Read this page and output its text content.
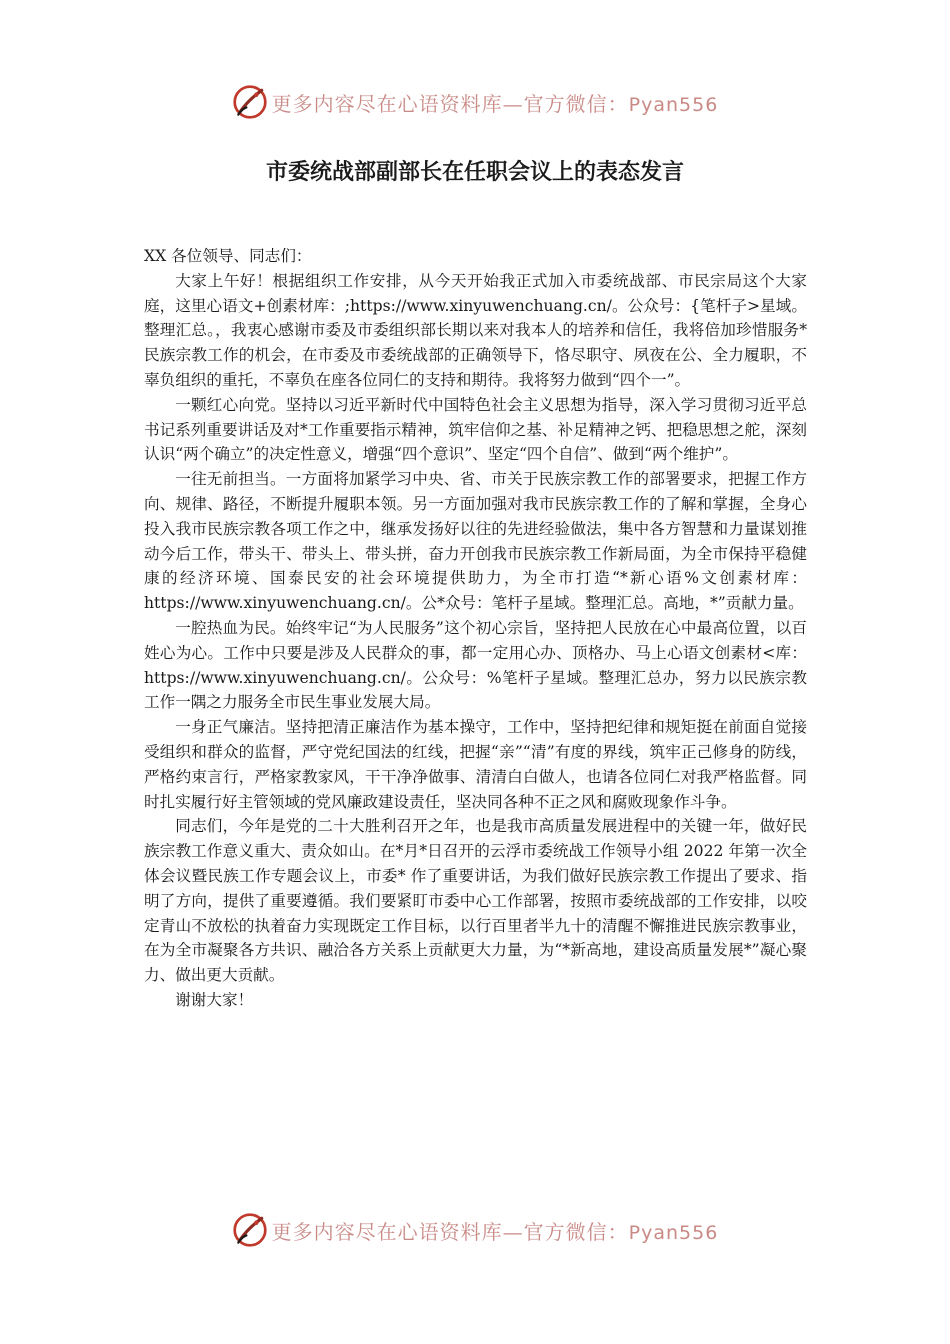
更多内容尽在心语资料库—官方微信：Pyan556
市委统战部副部长在任职会议上的表态发言

XX 各位领导、同志们：

大家上午好！根据组织工作安排，从今天开始我正式加入市委统战部、市民宗局这个大家庭，这里心语文+创素材库：;https://www.xinyuwenchuang.cn/。公众号：{笔杆子>星域。整理汇总。，我衷心感谢市委及市委组织部长期以来对我本人的培养和信任，我将倍加珍惜服务*民族宗教工作的机会，在市委及市委统战部的正确领导下，恪尽职守、夙夜在公、全力履职，不辜负组织的重托，不辜负在座各位同仁的支持和期待。我将努力做到“四个一”。

一颗红心向党。坚持以习近平新时代中国特色社会主义思想为指导，深入学习贯彻习近平总书记系列重要讲话及对*工作重要指示精神，筑牢信仰之基、补足精神之钙、把稳思想之舵，深刻认识“两个确立”的决定性意义，增强“四个意识”、坚定“四个自信”、做到“两个维护”。

一往无前担当。一方面将加紧学习中央、省、市关于民族宗教工作的部署要求，把握工作方向、规律、路径，不断提升履职本领。另一方面加强对我市民族宗教工作的了解和掌握，全身心投入我市民族宗教各项工作之中，继承发扬好以往的先进经验做法，集中各方智慧和力量谋划推动今后工作，带头干、带头上、带头拼，奋力开创我市民族宗教工作新局面，为全市保持平稳健康的经济环境、国泰民安的社会环境提供助力，为全市打造“*新心语%文创素材库：https://www.xinyuwenchuang.cn/。公*众号：笔杆子星域。整理汇总。高地，*”贡献力量。

一腔热血为民。始终牢记“为人民服务”这个初心宗旨，坚持把人民放在心中最高位置，以百姓心为心。工作中只要是涉及人民群众的事，都一定用心办、顶格办、马上心语文创素材<库：https://www.xinyuwenchuang.cn/。公众号：%笔杆子星域。整理汇总办，努力以民族宗教工作一隅之力服务全市民生事业发展大局。

一身正气廉洁。坚持把清正廉洁作为基本操守，工作中，坚持把纪律和规矩挺在前面自觉接受组织和群众的监督，严守党纪国法的红线，把握“亲”“清”有度的界线，筑牢正己修身的防线，严格约束言行，严格家教家风，干干净净做事、清清白白做人，也请各位同仁对我严格监督。同时扎实履行好主管领域的党风廉政建设责任，坚决同各种不正之风和腐败现象作斗争。

同志们，今年是党的二十大胜利召开之年，也是我市高质量发展进程中的关键一年，做好民族宗教工作意义重大、责众如山。在*月*日召开的云浮市委统战工作领导小组 2022 年第一次全体会议暨民族工作专题会议上，市委* 作了重要讲话，为我们做好民族宗教工作提出了要求、指明了方向，提供了重要遵循。我们要紧盯市委中心工作部署，按照市委统战部的工作安排，以咬定青山不放松的执着奋力实现既定工作目标，以行百里者半九十的清醒不懈推进民族宗教事业，在为全市凝聚各方共识、融洽各方关系上贡献更大力量，为“*新高地，建设高质量发展*”凝心聚力、做出更大贡献。

谢谢大家！

更多内容尽在心语资料库—官方微信：Pyan556
